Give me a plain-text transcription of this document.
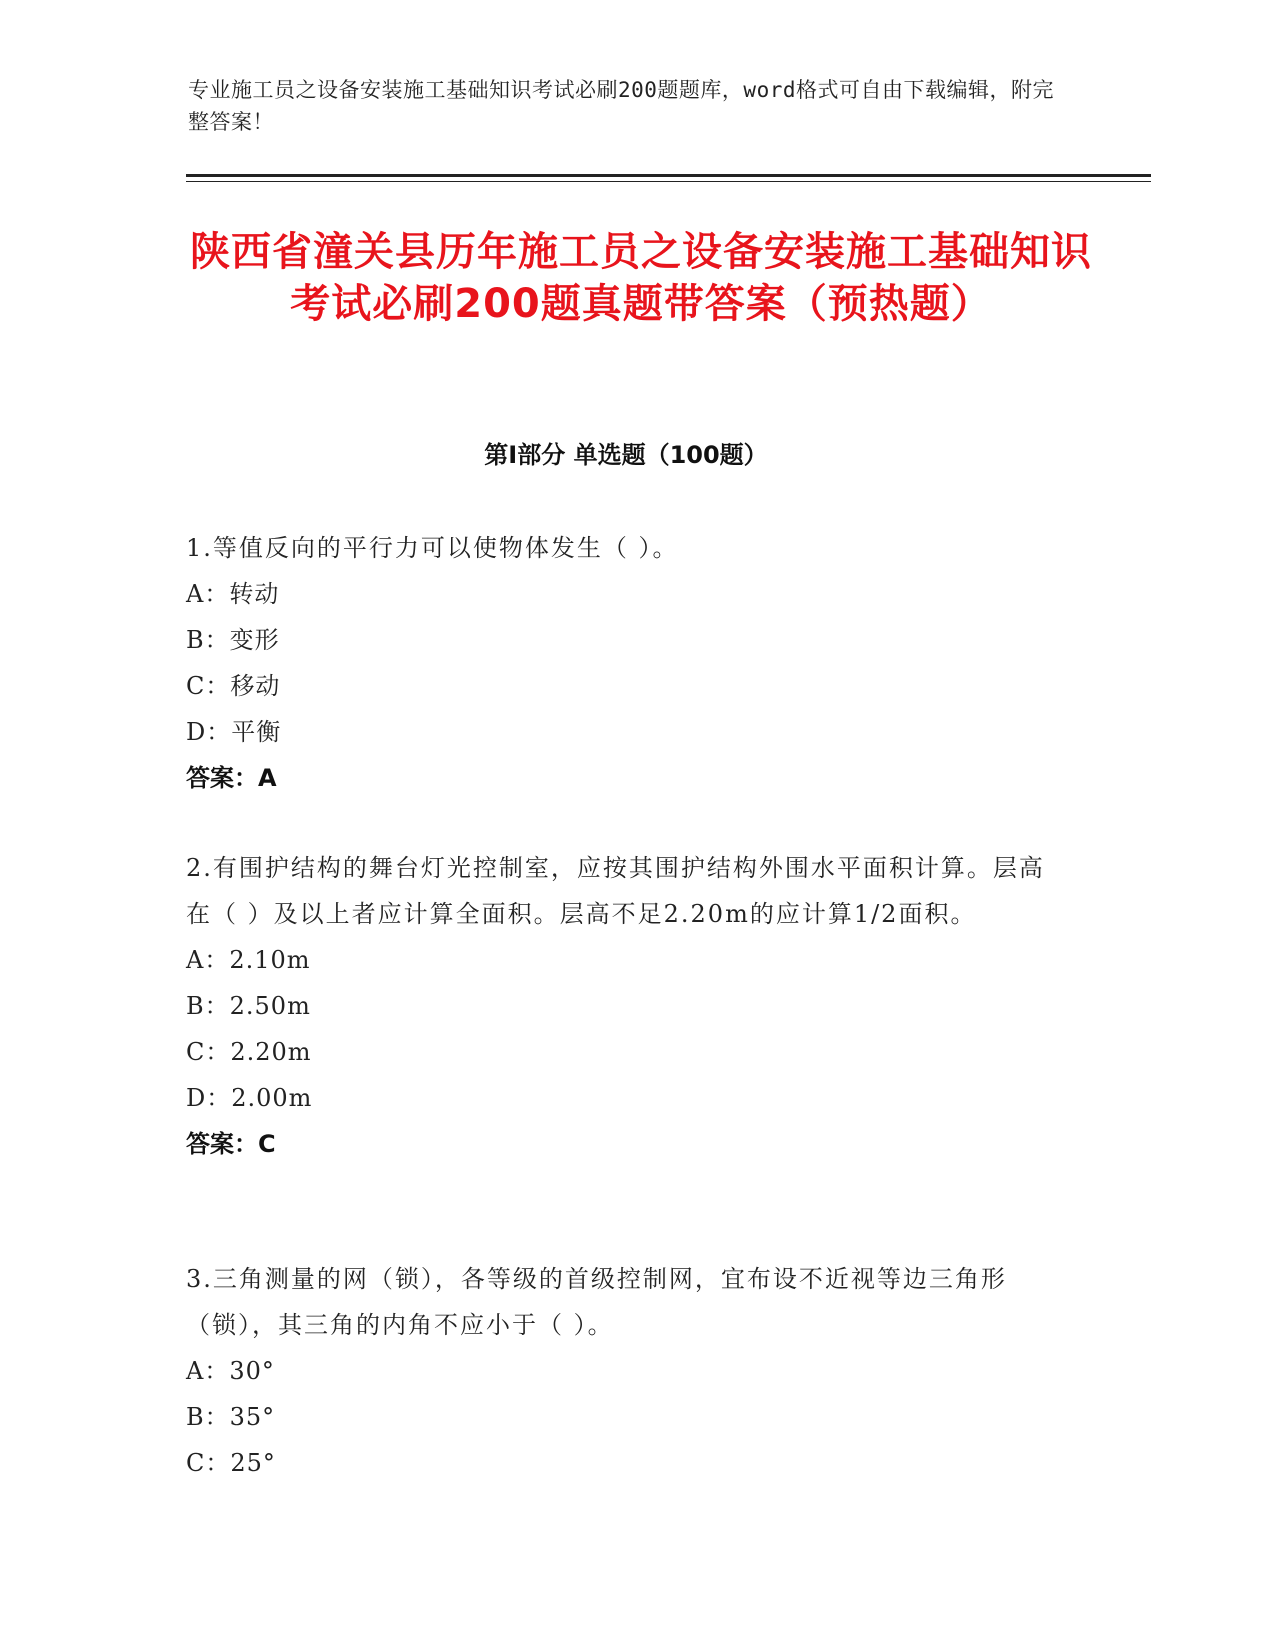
专业施工员之设备安装施工基础知识考试必刷200题题库，word格式可自由下载编辑，附完整答案！
陕西省潼关县历年施工员之设备安装施工基础知识考试必刷200题真题带答案（预热题）
第I部分 单选题（100题）
1.等值反向的平行力可以使物体发生（ ）。
A：转动
B：变形
C：移动
D：平衡
答案：A
2.有围护结构的舞台灯光控制室，应按其围护结构外围水平面积计算。层高在（ ）及以上者应计算全面积。层高不足2.20m的应计算1/2面积。
A：2.10m
B：2.50m
C：2.20m
D：2.00m
答案：C
3.三角测量的网（锁），各等级的首级控制网，宜布设不近视等边三角形（锁），其三角的内角不应小于（ ）。
A：30°
B：35°
C：25°
